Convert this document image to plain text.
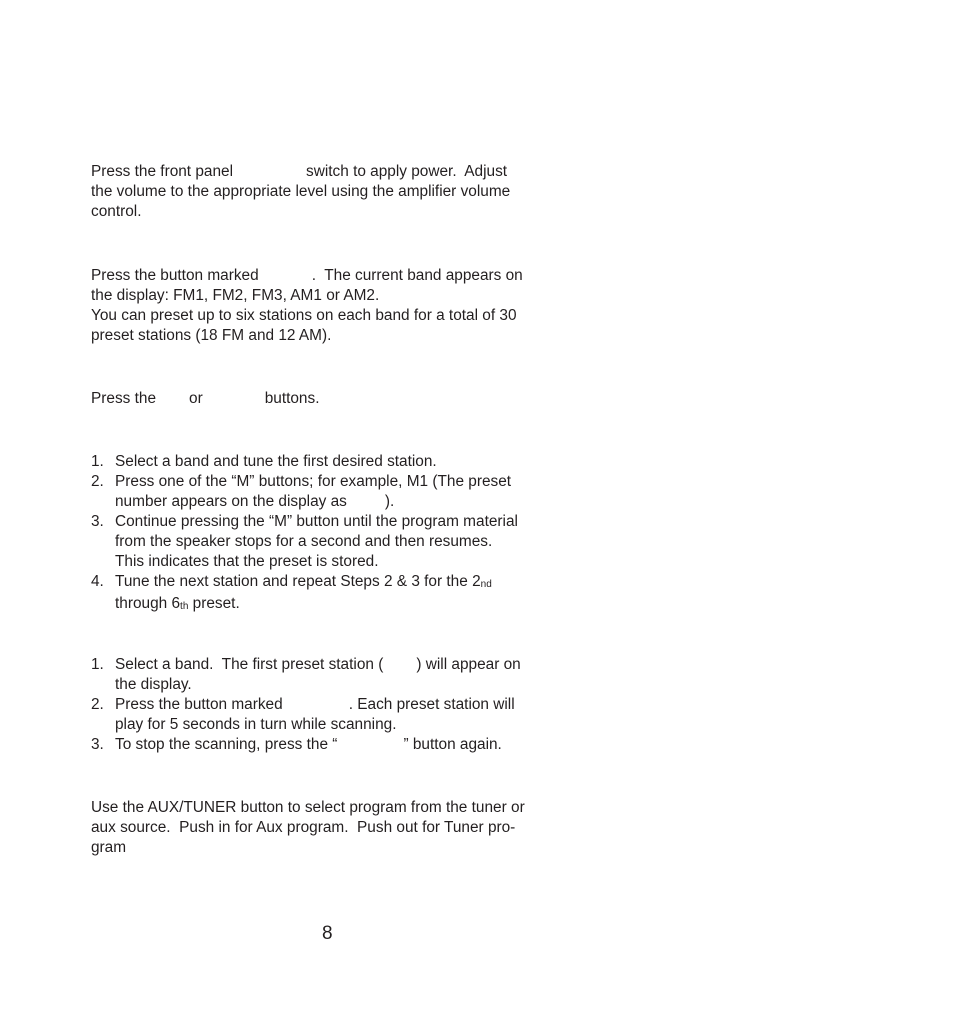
Press the front panel	switch to apply power.  Adjust
the volume to the appropriate level using the amplifier volume
control.
Press the button marked	.  The current band appears on
the display: FM1, FM2, FM3, AM1 or AM2.
You can preset up to six stations on each band for a total of 30
preset stations (18 FM and 12 AM).
Press the or	buttons.
1. Select a band and tune the first desired station.
2. Press one of the “M” buttons; for example, M1 (The preset
number appears on the display as ).
3. Continue pressing the “M” button until the program material
from the speaker stops for a second and then resumes.
This indicates that the preset is stored.
4. Tune the next station and repeat Steps 2 & 3 for the 2nd
through 6th preset.
1. Select a band.  The first preset station ( ) will appear on
the display.
2. Press the button marked	. Each preset station will
play for 5 seconds in turn while scanning.
3. To stop the scanning, press the “	” button again.
Use the AUX/TUNER button to select program from the tuner or
aux source.  Push in for Aux program.  Push out for Tuner pro-
gram
8
